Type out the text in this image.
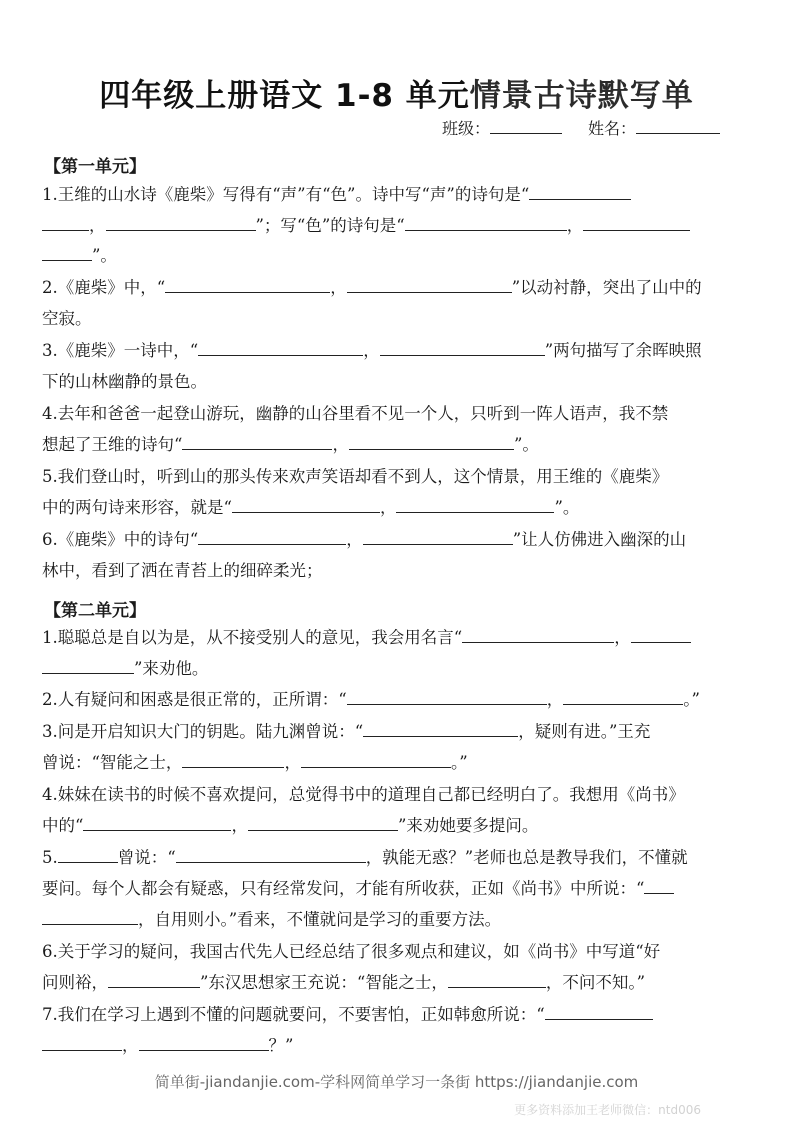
四年级上册语文 1-8 单元情景古诗默写单
班级：	姓名：
【第一单元】
1.王维的山水诗《鹿柴》写得有“声”有“色”。诗中写“声”的诗句是“
，	”；写“色”的诗句是“	，
”。
2.《鹿柴》中，“	，	”以动衬静，突出了山中的
空寂。
3.《鹿柴》一诗中，“	，	”两句描写了余晖映照
下的山林幽静的景色。
4.去年和爸爸一起登山游玩，幽静的山谷里看不见一个人，只听到一阵人语声，我不禁
想起了王维的诗句“	，	”。
5.我们登山时，听到山的那头传来欢声笑语却看不到人，这个情景，用王维的《鹿柴》
中的两句诗来形容，就是“	，	”。
6.《鹿柴》中的诗句“	，	”让人仿佛进入幽深的山
林中，看到了洒在青苔上的细碎柔光；
【第二单元】
1.聪聪总是自以为是，从不接受别人的意见，我会用名言“	，
”来劝他。
2.人有疑问和困惑是很正常的，正所谓：“	，	。”
3.问是开启知识大门的钥匙。陆九渊曾说：“	，疑则有进。”王充
曾说：“智能之士，	，	。”
4.妹妹在读书的时候不喜欢提问，总觉得书中的道理自己都已经明白了。我想用《尚书》
中的“	，	”来劝她要多提问。
5.	曾说：“	，孰能无惑？”老师也总是教导我们，不懂就
要问。每个人都会有疑惑，只有经常发问，才能有所收获，正如《尚书》中所说：“
，自用则小。”看来，不懂就问是学习的重要方法。
6.关于学习的疑问，我国古代先人已经总结了很多观点和建议，如《尚书》中写道“好
问则裕，	”东汉思想家王充说：“智能之士，	，不问不知。”
7.我们在学习上遇到不懂的问题就要问，不要害怕，正如韩愈所说：“
，	？”
简单街-jiandanjie.com-学科网简单学习一条街 https://jiandanjie.com
更多资料添加王老师微信：ntd006
